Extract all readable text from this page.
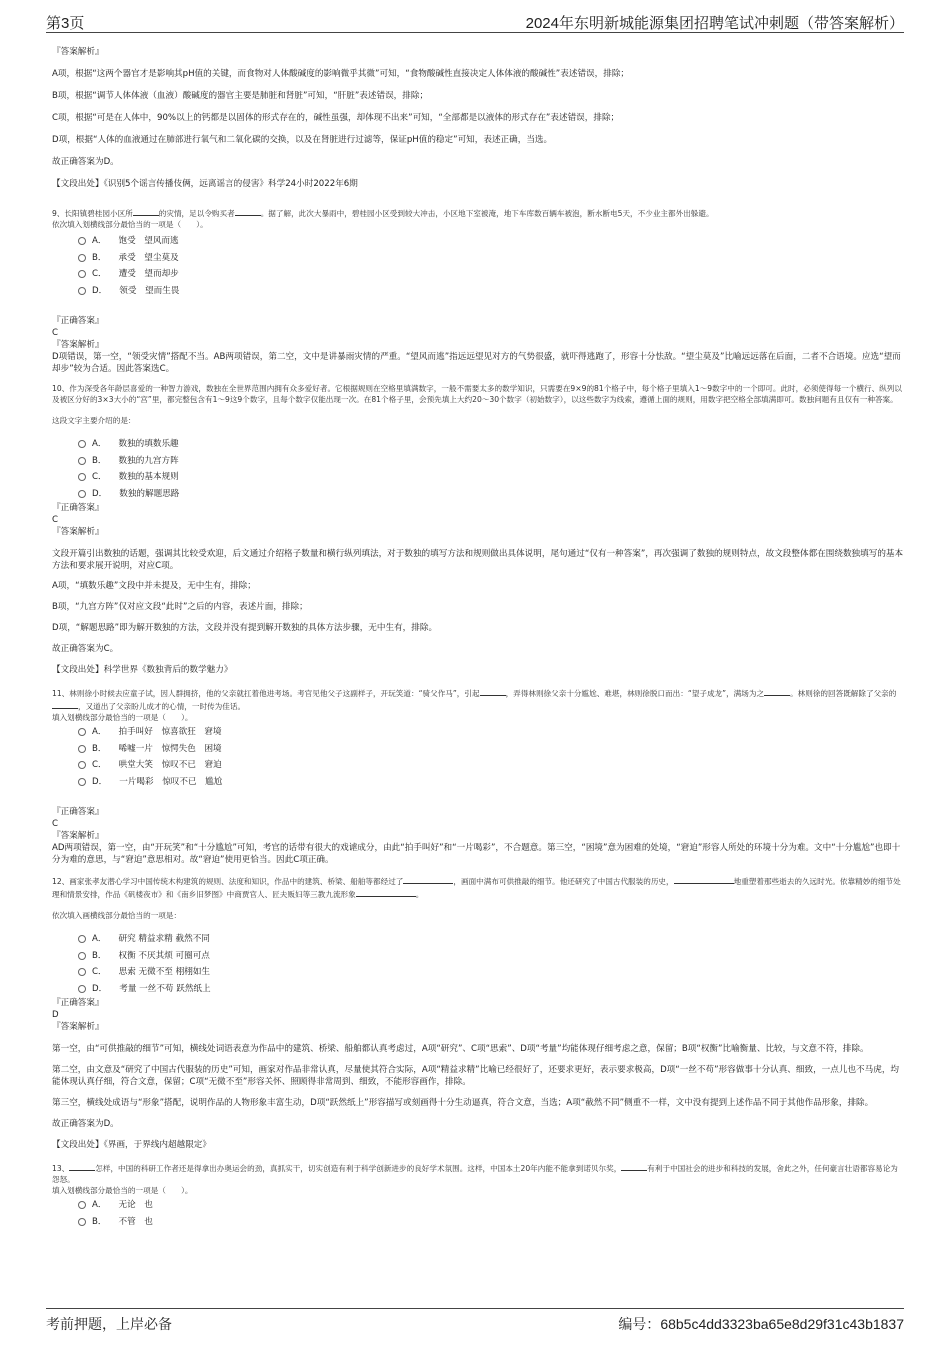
第3页	2024年东明新城能源集团招聘笔试冲刺题（带答案解析）

『答案解析』

A项，根据“这两个器官才是影响其pH值的关键，而食物对人体酸碱度的影响微乎其微”可知，“食物酸碱性直接决定人体体液的酸碱性”表述错误，排除；

B项，根据“调节人体体液（血液）酸碱度的器官主要是肺脏和肾脏”可知，“肝脏”表述错误，排除；

C项，根据“可是在人体中，90%以上的钙都是以固体的形式存在的，碱性虽强，却体现不出来”可知，“全部都是以液体的形式存在”表述错误，排除；

D项，根据“人体的血液通过在肺部进行氧气和二氧化碳的交换，以及在肾脏进行过滤等，保证pH值的稳定”可知，表述正确，当选。

故正确答案为D。

【文段出处】《识别5个谣言传播伎俩，远离谣言的侵害》科学24小时2022年6期

9、长阳镇碧桂园小区所	的灾情，足以令购买者	。据了解，此次大暴雨中，碧桂园小区受到较大冲击，小区地下室被淹，地下车库数百辆车被泡，断水断电5天，不少业主都外出躲避。

依次填入划横线部分最恰当的一项是（　　）。

A． 饱受　望风而逃
B． 承受　望尘莫及
C． 遭受　望而却步
D． 领受　望而生畏

『正确答案』

C

『答案解析』

D项错误，第一空，“领受灾情”搭配不当。AB两项错误，第二空，文中是讲暴雨灾情的严重。“望风而逃”指远远望见对方的气势很盛，就吓得逃跑了，形容十分怯敌。“望尘莫及”比喻远远落在后面，二者不合语境。应选“望而却步”较为合适。因此答案选C。

10、作为深受各年龄层喜爱的一种智力游戏，数独在全世界范围内拥有众多爱好者。它根据规则在空格里填满数字，一般不需要太多的数学知识，只需要在9×9的81个格子中，每个格子里填入1～9数字中的一个即可。此时，必须使得每一个横行、纵列以及被区分好的3×3大小的“宫”里，都完整包含有1～9这9个数字，且每个数字仅能出现一次。在81个格子里，会预先填上大约20～30个数字（初始数字），以这些数字为线索，遵循上面的规则，用数字把空格全部填满即可。数独问题有且仅有一种答案。

这段文字主要介绍的是：

A． 数独的填数乐趣
B． 数独的九宫方阵
C． 数独的基本规则
D． 数独的解题思路

『正确答案』

C

『答案解析』

文段开篇引出数独的话题，强调其比较受欢迎，后文通过介绍格子数量和横行纵列填法，对于数独的填写方法和规则做出具体说明，尾句通过“仅有一种答案”，再次强调了数独的规则特点，故文段整体都在围绕数独填写的基本方法和要求展开说明，对应C项。

A项，“填数乐趣”文段中并未提及，无中生有，排除；

B项，“九宫方阵”仅对应文段“此时”之后的内容，表述片面，排除；

D项，“解题思路”即为解开数独的方法，文段并没有提到解开数独的具体方法步骤，无中生有，排除。

故正确答案为C。

【文段出处】科学世界《数独背后的数学魅力》

11、林则徐小时候去应童子试，因人群拥挤，他的父亲就扛着他进考场。考官见他父子这副样子，开玩笑道：“骑父作马”，引起	，弄得林则徐父亲十分尴尬、难堪，林则徐脱口而出：“望子成龙”，满场为之	。林则徐的回答既解除了父亲的，又道出了父亲盼儿成才的心情，一时传为佳话。

填入划横线部分最恰当的一项是（　　）。

A． 拍手叫好　惊喜欲狂　窘境
B． 唏嘘一片　惊愕失色　困境
C． 哄堂大笑　惊叹不已　窘迫
D． 一片喝彩　惊叹不已　尴尬

『正确答案』

C

『答案解析』

AD两项错误，第一空，由“开玩笑”和“十分尴尬”可知，考官的话带有很大的戏谑成分，由此“拍手叫好”和“一片喝彩”，不合题意。第三空，“困境”意为困难的处境，“窘迫”形容人所处的环境十分为难。文中“十分尴尬”也即十分为难的意思，与“窘迫”意思相对。故“窘迫”使用更恰当。因此C项正确。

12、画家张孝友潜心学习中国传统木构建筑的规则、法度和知识，作品中的建筑、桥梁、船舶等都经过了	，画面中满布可供推敲的细节。他还研究了中国古代服装的历史，	地重塑着那些逝去的久远时光。依靠精妙的细节处理和情景安排，作品《矾楼夜市》和《南乡旧梦图》中商贾官人、匠夫贩妇等三教九流形象	。

依次填入画横线部分最恰当的一项是：

A． 研究 精益求精 截然不同
B． 权衡 不厌其烦 可圈可点
C． 思索 无微不至 栩栩如生
D． 考量 一丝不苟 跃然纸上

『正确答案』

D

『答案解析』

第一空，由“可供推敲的细节”可知，横线处词语表意为作品中的建筑、桥梁、船舶都认真考虑过，A项“研究”、C项“思索”、D项“考量”均能体现仔细考虑之意，保留；B项“权衡”比喻衡量、比较，与文意不符，排除。

第二空，由文意及“研究了中国古代服装的历史”可知，画家对作品非常认真，尽量使其符合实际，A项“精益求精”比喻已经很好了，还要求更好，表示要求极高，D项“一丝不苟”形容做事十分认真、细致，一点儿也不马虎，均能体现认真仔细，符合文意，保留；C项“无微不至”形容关怀、照顾得非常周到、细致，不能形容画作，排除。

第三空，横线处成语与“形象”搭配，说明作品的人物形象丰富生动，D项“跃然纸上”形容描写或刻画得十分生动逼真，符合文意，当选；A项“截然不同”侧重不一样，文中没有提到上述作品不同于其他作品形象，排除。

故正确答案为D。

【文段出处】《界画，于界线内超越限定》

13、	怎样，中国的科研工作者还是得拿出办奥运会的劲，真抓实干，切实创造有利于科学创新进步的良好学术氛围。这样，中国本土20年内能不能拿到诺贝尔奖，	有利于中国社会的进步和科技的发展，舍此之外，任何豪言壮语都容易论为怨怒。

填入划横线部分最恰当的一项是（　　）。

A． 无论　也
B． 不管　也
考前押题，上岸必备	编号：68b5c4dd3323ba65e8d29f31c43b1837
